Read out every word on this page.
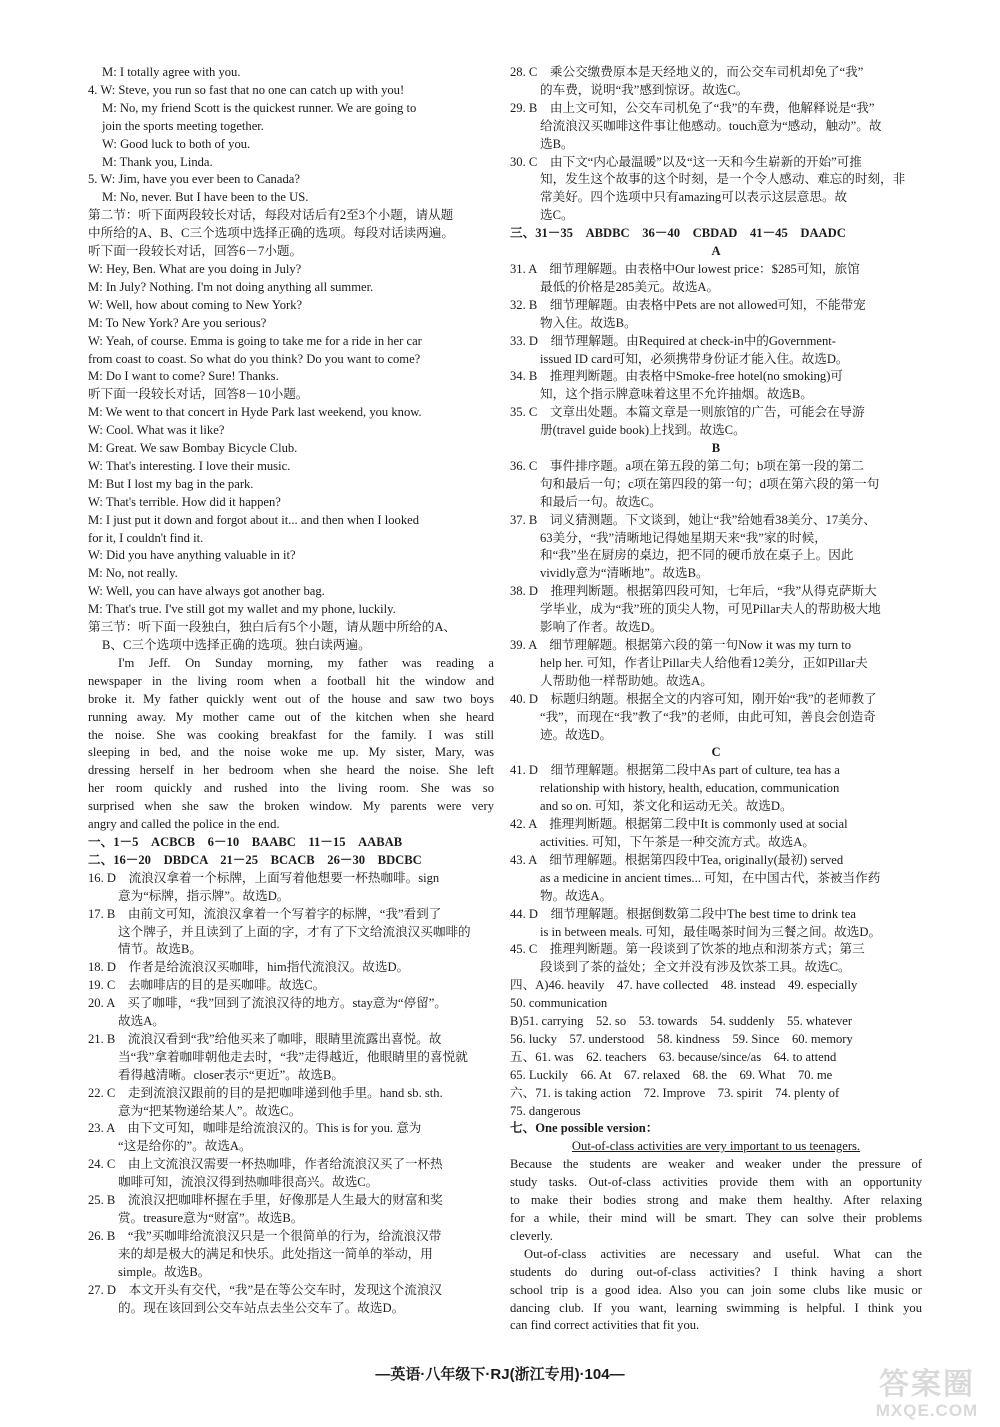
M: I totally agree with you.
4. W: Steve, you run so fast that no one can catch up with you!
M: No, my friend Scott is the quickest runner. We are going to
join the sports meeting together.
W: Good luck to both of you.
M: Thank you, Linda.
5. W: Jim, have you ever been to Canada?
M: No, never. But I have been to the US.
第二节：听下面两段较长对话，每段对话后有2至3个小题，请从题
中所给的A、B、C三个选项中选择正确的选项。每段对话读两遍。
听下面一段较长对话，回答6－7小题。
W: Hey, Ben. What are you doing in July?
M: In July? Nothing. I'm not doing anything all summer.
W: Well, how about coming to New York?
M: To New York? Are you serious?
W: Yeah, of course. Emma is going to take me for a ride in her car
from coast to coast. So what do you think? Do you want to come?
M: Do I want to come? Sure! Thanks.
听下面一段较长对话，回答8－10小题。
M: We went to that concert in Hyde Park last weekend, you know.
W: Cool. What was it like?
M: Great. We saw Bombay Bicycle Club.
W: That's interesting. I love their music.
M: But I lost my bag in the park.
W: That's terrible. How did it happen?
M: I just put it down and forgot about it... and then when I looked
for it, I couldn't find it.
W: Did you have anything valuable in it?
M: No, not really.
W: Well, you can have always got another bag.
M: That's true. I've still got my wallet and my phone, luckily.
第三节：听下面一段独白，独白后有5个小题，请从题中所给的A、
B、C三个选项中选择正确的选项。独白读两遍。
I'm Jeff. On Sunday morning, my father was reading a
newspaper in the living room when a football hit the window and
broke it. My father quickly went out of the house and saw two boys
running away. My mother came out of the kitchen when she heard
the noise. She was cooking breakfast for the family. I was still
sleeping in bed, and the noise woke me up. My sister, Mary, was
dressing herself in her bedroom when she heard the noise. She left
her room quickly and rushed into the living room. She was so
surprised when she saw the broken window. My parents were very
angry and called the police in the end.
一、1－5　ACBCB　6－10　BAABC　11－15　AABAB
二、16－20　DBDCA　21－25　BCACB　26－30　BDCBC
16. D　流浪汉拿着一个标牌，上面写着他想要一杯热咖啡。sign
意为“标牌，指示牌”。故选D。
17. B　由前文可知，流浪汉拿着一个写着字的标牌，“我”看到了
这个牌子，并且读到了上面的字，才有了下文给流浪汉买咖啡的
情节。故选B。
18. D　作者是给流浪汉买咖啡，him指代流浪汉。故选D。
19. C　去咖啡店的目的是买咖啡。故选C。
20. A　买了咖啡，“我”回到了流浪汉待的地方。stay意为“停留”。
故选A。
21. B　流浪汉看到“我”给他买来了咖啡，眼睛里流露出喜悦。故
当“我”拿着咖啡朝他走去时，“我”走得越近，他眼睛里的喜悦就
看得越清晰。closer表示“更近”。故选B。
22. C　走到流浪汉跟前的目的是把咖啡递到他手里。hand sb. sth.
意为“把某物递给某人”。故选C。
23. A　由下文可知，咖啡是给流浪汉的。This is for you. 意为
“这是给你的”。故选A。
24. C　由上文流浪汉需要一杯热咖啡，作者给流浪汉买了一杯热
咖啡可知，流浪汉得到热咖啡很高兴。故选C。
25. B　流浪汉把咖啡杯握在手里，好像那是人生最大的财富和奖
赏。treasure意为“财富”。故选B。
26. B　“我”买咖啡给流浪汉只是一个很简单的行为，给流浪汉带
来的却是极大的满足和快乐。此处指这一简单的举动，用
simple。故选B。
27. D　本文开头有交代，“我”是在等公交车时，发现这个流浪汉
的。现在该回到公交车站点去坐公交车了。故选D。
28. C　乘公交缴费原本是天经地义的，而公交车司机却免了“我”
的车费，说明“我”感到惊讶。故选C。
29. B　由上文可知，公交车司机免了“我”的车费，他解释说是“我”
给流浪汉买咖啡这件事让他感动。touch意为“感动，触动”。故
选B。
30. C　由下文“内心最温暖”以及“这一天和今生崭新的开始”可推
知，发生这个故事的这个时刻，是一个令人感动、难忘的时刻，非
常美好。四个选项中只有amazing可以表示这层意思。故
选C。
三、31－35　ABDBC　36－40　CBDAD　41－45　DAADC
A
31. A　细节理解题。由表格中Our lowest price：$285可知，旅馆
最低的价格是285美元。故选A。
32. B　细节理解题。由表格中Pets are not allowed可知，不能带宠
物入住。故选B。
33. D　细节理解题。由Required at check-in中的Government-
issued ID card可知，必须携带身份证才能入住。故选D。
34. B　推理判断题。由表格中Smoke-free hotel(no smoking)可
知，这个指示牌意味着这里不允许抽烟。故选B。
35. C　文章出处题。本篇文章是一则旅馆的广告，可能会在导游
册(travel guide book)上找到。故选C。
B
36. C　事件排序题。a项在第五段的第二句；b项在第一段的第二
句和最后一句；c项在第四段的第一句；d项在第六段的第一句
和最后一句。故选C。
37. B　词义猜测题。下文谈到，她让“我”给她看38美分、17美分、
63美分，“我”清晰地记得她星期天来“我”家的时候，
和“我”坐在厨房的桌边，把不同的硬币放在桌子上。因此
vividly意为“清晰地”。故选B。
38. D　推理判断题。根据第四段可知，七年后，“我”从得克萨斯大
学毕业，成为“我”班的顶尖人物，可见Pillar夫人的帮助极大地
影响了作者。故选D。
39. A　细节理解题。根据第六段的第一句Now it was my turn to
help her. 可知，作者让Pillar夫人给他看12美分，正如Pillar夫
人帮助他一样帮助她。故选A。
40. D　标题归纳题。根据全文的内容可知，刚开始“我”的老师教了
“我”，而现在“我”教了“我”的老师，由此可知，善良会创造奇
迹。故选D。
C
41. D　细节理解题。根据第二段中As part of culture, tea has a
relationship with history, health, education, communication
and so on. 可知，茶文化和运动无关。故选D。
42. A　推理判断题。根据第二段中It is commonly used at social
activities. 可知，下午茶是一种交流方式。故选A。
43. A　细节理解题。根据第四段中Tea, originally(最初) served
as a medicine in ancient times... 可知，在中国古代，茶被当作药
物。故选A。
44. D　细节理解题。根据倒数第二段中The best time to drink tea
is in between meals. 可知，最佳喝茶时间为三餐之间。故选D。
45. C　推理判断题。第一段谈到了饮茶的地点和沏茶方式；第三
段谈到了茶的益处；全文并没有涉及饮茶工具。故选C。
四、A)46. heavily　47. have collected　48. instead　49. especially
50. communication
B)51. carrying　52. so　53. towards　54. suddenly　55. whatever
56. lucky　57. understood　58. kindness　59. Since　60. memory
五、61. was　62. teachers　63. because/since/as　64. to attend
65. Luckily　66. At　67. relaxed　68. the　69. What　70. me
六、71. is taking action　72. Improve　73. spirit　74. plenty of
75. dangerous
七、One possible version：
Out-of-class activities are very important to us teenagers.
Because the students are weaker and weaker under the pressure of
study tasks. Out-of-class activities provide them with an opportunity
to make their bodies strong and make them healthy. After relaxing
for a while, their mind will be smart. They can solve their problems
cleverly.
Out-of-class activities are necessary and useful. What can the
students do during out-of-class activities? I think having a short
school trip is a good idea. Also you can join some clubs like music or
dancing club. If you want, learning swimming is helpful. I think you
can find correct activities that fit you.
—英语·八年级下·RJ(浙江专用)·104—	答案圈
MXQE.COM
